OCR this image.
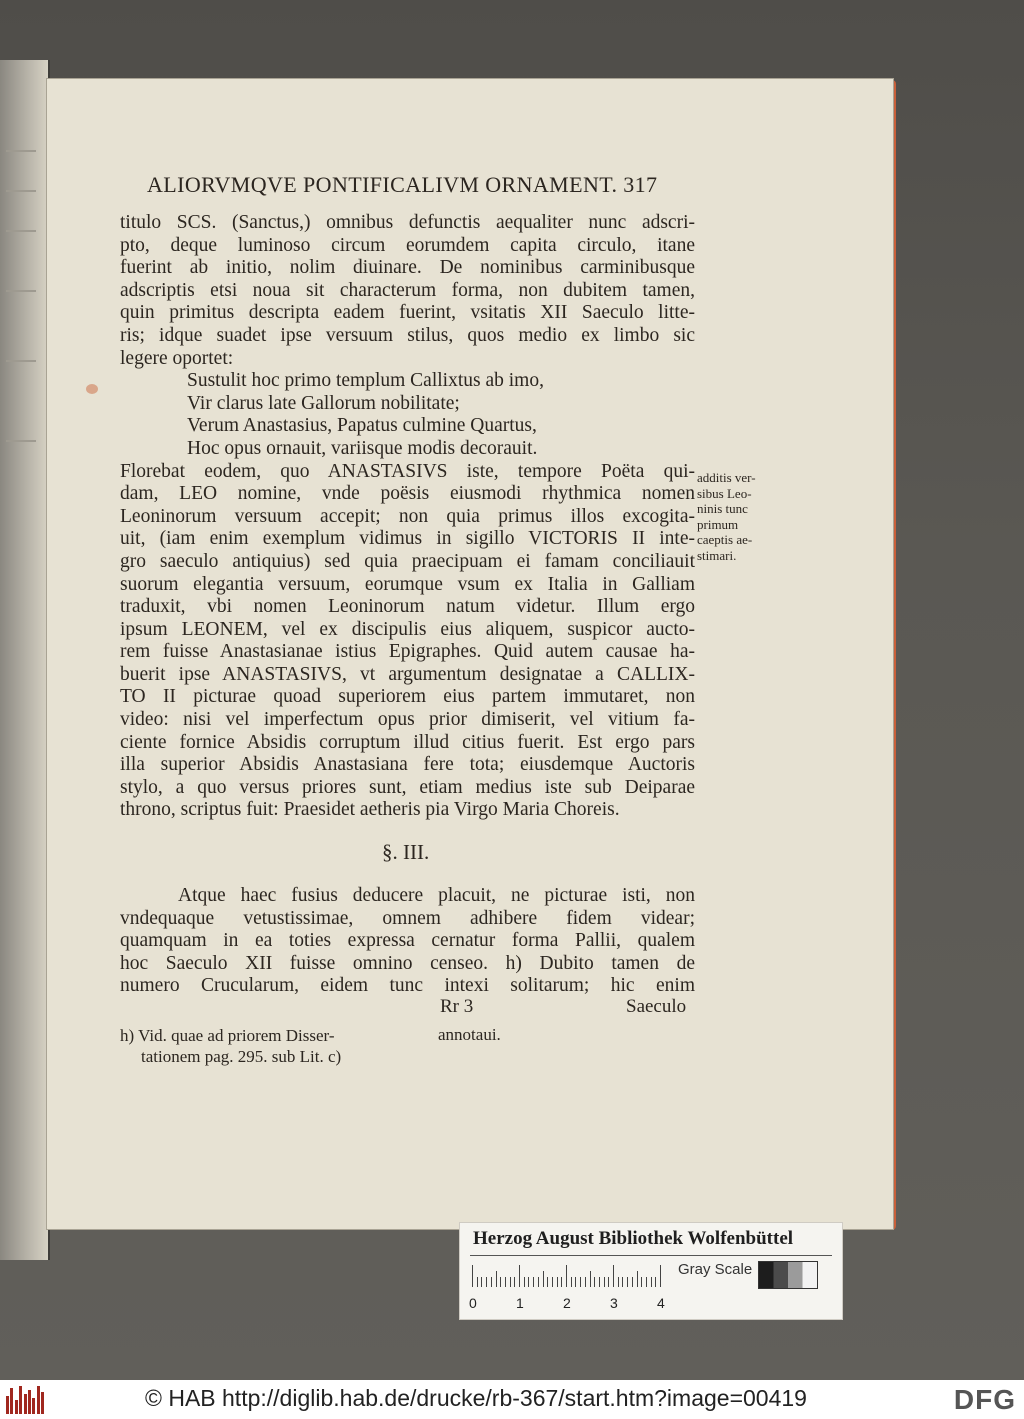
ALIORVMQVE PONTIFICALIVM ORNAMENT. 317
titulo SCS. (Sanctus,) omnibus defunctis aequaliter nunc adscri-
pto, deque luminoso circum eorumdem capita circulo, itane
fuerint ab initio, nolim diuinare. De nominibus carminibusque
adscriptis etsi noua sit characterum forma, non dubitem tamen,
quin primitus descripta eadem fuerint, vsitatis XII Saeculo litte-
ris; idque suadet ipse versuum stilus, quos medio ex limbo sic
legere oportet:
Sustulit hoc primo templum Callixtus ab imo,
Vir clarus late Gallorum nobilitate;
Verum Anastasius, Papatus culmine Quartus,
Hoc opus ornauit, variisque modis decorauit.
Florebat eodem, quo ANASTASIVS iste, tempore Poëta qui-
dam, LEO nomine, vnde poësis eiusmodi rhythmica nomen
Leoninorum versuum accepit; non quia primus illos excogita-
uit, (iam enim exemplum vidimus in sigillo VICTORIS II inte-
gro saeculo antiquius) sed quia praecipuam ei famam conciliauit
suorum elegantia versuum, eorumque vsum ex Italia in Galliam
traduxit, vbi nomen Leoninorum natum videtur. Illum ergo
ipsum LEONEM, vel ex discipulis eius aliquem, suspicor aucto-
rem fuisse Anastasianae istius Epigraphes. Quid autem causae ha-
buerit ipse ANASTASIVS, vt argumentum designatae a CALLIX-
TO II picturae quoad superiorem eius partem immutaret, non
video: nisi vel imperfectum opus prior dimiserit, vel vitium fa-
ciente fornice Absidis corruptum illud citius fuerit. Est ergo pars
illa superior Absidis Anastasiana fere tota; eiusdemque Auctoris
stylo, a quo versus priores sunt, etiam medius iste sub Deiparae
throno, scriptus fuit: Praesidet aetheris pia Virgo Maria Choreis.
additis ver-
sibus Leo-
ninis tunc
primum
caeptis ae-
stimari.
§. III.
Atque haec fusius deducere placuit, ne picturae isti, non
vndequaque vetustissimae, omnem adhibere fidem videar;
quamquam in ea toties expressa cernatur forma Pallii, qualem
hoc Saeculo XII fuisse omnino censeo. h) Dubito tamen de
numero Crucularum, eidem tunc intexi solitarum; hic enim
Rr 3	Saeculo
h) Vid. quae ad priorem Disser-
tationem pag. 295. sub Lit. c)
annotaui.
Herzog August Bibliothek Wolfenbüttel
0	1	2	3	4
Gray Scale
© HAB http://diglib.hab.de/drucke/rb-367/start.htm?image=00419	DFG
